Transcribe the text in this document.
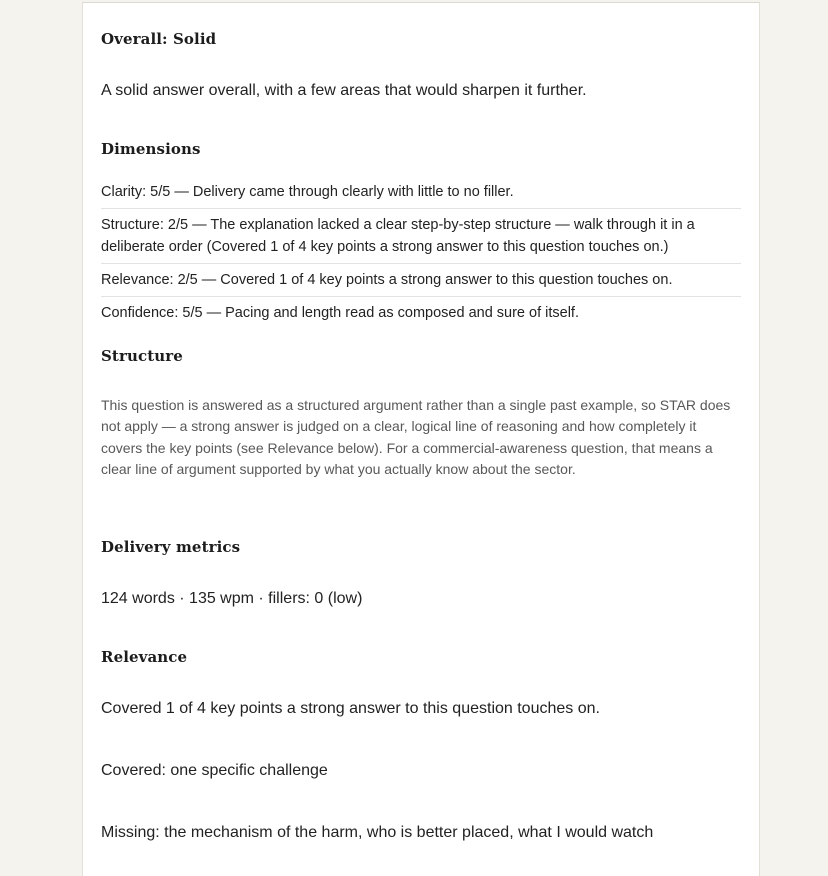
Overall: Solid

A solid answer overall, with a few areas that would sharpen it further.

Dimensions
Clarity: 5/5 — Delivery came through clearly with little to no filler.
Structure: 2/5 — The explanation lacked a clear step-by-step structure — walk through it in a deliberate order (Covered 1 of 4 key points a strong answer to this question touches on.)
Relevance: 2/5 — Covered 1 of 4 key points a strong answer to this question touches on.
Confidence: 5/5 — Pacing and length read as composed and sure of itself.
Structure

This question is answered as a structured argument rather than a single past example, so STAR does not apply — a strong answer is judged on a clear, logical line of reasoning and how completely it covers the key points (see Relevance below). For a commercial-awareness question, that means a clear line of argument supported by what you actually know about the sector.

Delivery metrics

124 words · 135 wpm · fillers: 0 (low)

Relevance

Covered 1 of 4 key points a strong answer to this question touches on.

Covered: one specific challenge

Missing: the mechanism of the harm, who is better placed, what I would watch
